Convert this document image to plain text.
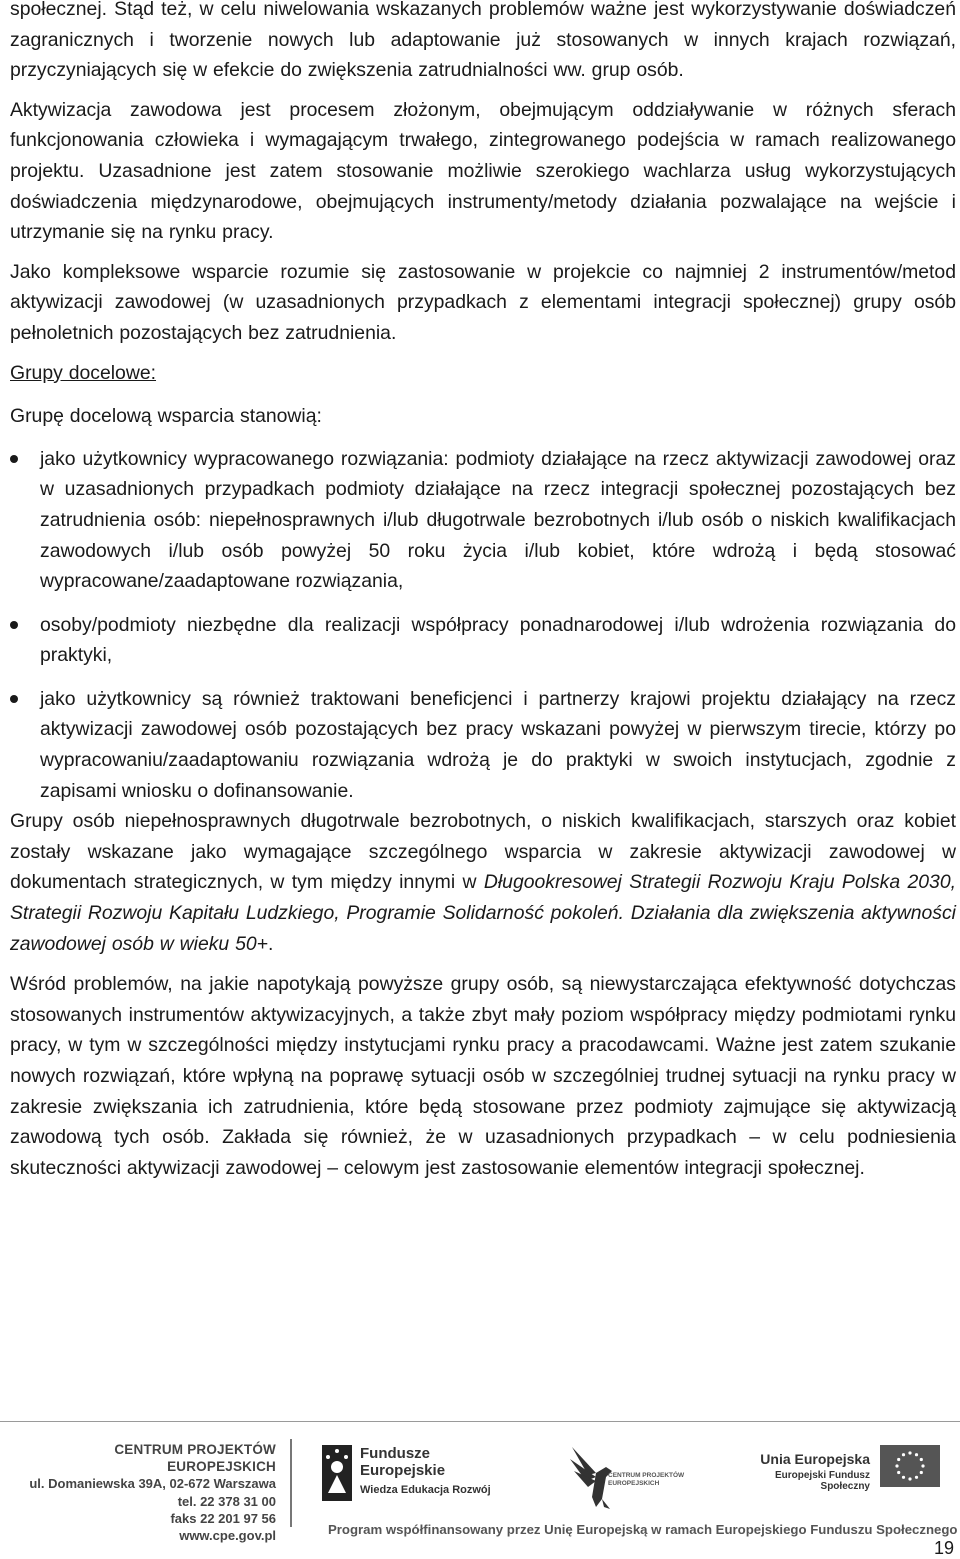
społecznej. Stąd też, w celu niwelowania wskazanych problemów ważne jest wykorzystywanie doświadczeń zagranicznych i tworzenie nowych lub adaptowanie już stosowanych w innych krajach rozwiązań, przyczyniających się w efekcie do zwiększenia zatrudnialności ww. grup osób.

Aktywizacja zawodowa jest procesem złożonym, obejmującym oddziaływanie w różnych sferach funkcjonowania człowieka i wymagającym trwałego, zintegrowanego podejścia w ramach realizowanego projektu. Uzasadnione jest zatem stosowanie możliwie szerokiego wachlarza usług wykorzystujących doświadczenia międzynarodowe, obejmujących instrumenty/metody działania pozwalające na wejście i utrzymanie się na rynku pracy.

Jako kompleksowe wsparcie rozumie się zastosowanie w projekcie co najmniej 2 instrumentów/metod aktywizacji zawodowej (w uzasadnionych przypadkach z elementami integracji społecznej) grupy osób pełnoletnich pozostających bez zatrudnienia.

Grupy docelowe:

Grupę docelową wsparcia stanowią:

jako użytkownicy wypracowanego rozwiązania: podmioty działające na rzecz aktywizacji zawodowej oraz w uzasadnionych przypadkach podmioty działające na rzecz integracji społecznej pozostających bez zatrudnienia osób: niepełnosprawnych i/lub długotrwale bezrobotnych i/lub osób o niskich kwalifikacjach zawodowych i/lub osób powyżej 50 roku życia i/lub kobiet, które wdrożą i będą stosować wypracowane/zaadaptowane rozwiązania,
osoby/podmioty niezbędne dla realizacji współpracy ponadnarodowej i/lub wdrożenia rozwiązania do praktyki,
jako użytkownicy są również traktowani beneficjenci i partnerzy krajowi projektu działający na rzecz aktywizacji zawodowej osób pozostających bez pracy wskazani powyżej w pierwszym tirecie, którzy po wypracowaniu/zaadaptowaniu rozwiązania wdrożą je do praktyki w swoich instytucjach, zgodnie z zapisami wniosku o dofinansowanie.

Grupy osób niepełnosprawnych długotrwale bezrobotnych, o niskich kwalifikacjach, starszych oraz kobiet zostały wskazane jako wymagające szczególnego wsparcia w zakresie aktywizacji zawodowej w dokumentach strategicznych, w tym między innymi w Długookresowej Strategii Rozwoju Kraju Polska 2030, Strategii Rozwoju Kapitału Ludzkiego, Programie Solidarność pokoleń. Działania dla zwiększenia aktywności zawodowej osób w wieku 50+.

Wśród problemów, na jakie napotykają powyższe grupy osób, są niewystarczająca efektywność dotychczas stosowanych instrumentów aktywizacyjnych, a także zbyt mały poziom współpracy między podmiotami rynku pracy, w tym w szczególności między instytucjami rynku pracy a pracodawcami. Ważne jest zatem szukanie nowych rozwiązań, które wpłyną na poprawę sytuacji osób w szczególniej trudnej sytuacji na rynku pracy w zakresie zwiększania ich zatrudnienia, które będą stosowane przez podmioty zajmujące się aktywizacją zawodową tych osób. Zakłada się również, że w uzasadnionych przypadkach – w celu podniesienia skuteczności aktywizacji zawodowej – celowym jest zastosowanie elementów integracji społecznej.

CENTRUM PROJEKTÓW EUROPEJSKICH
ul. Domaniewska 39A, 02-672 Warszawa
tel. 22 378 31 00
faks 22 201 97 56
www.cpe.gov.pl
Fundusze
Europejskie
Wiedza Edukacja Rozwój
CENTRUM PROJEKTÓW
EUROPEJSKICH
Unia Europejska
Europejski Fundusz Społeczny
Program współfinansowany przez Unię Europejską w ramach Europejskiego Funduszu Społecznego
19
